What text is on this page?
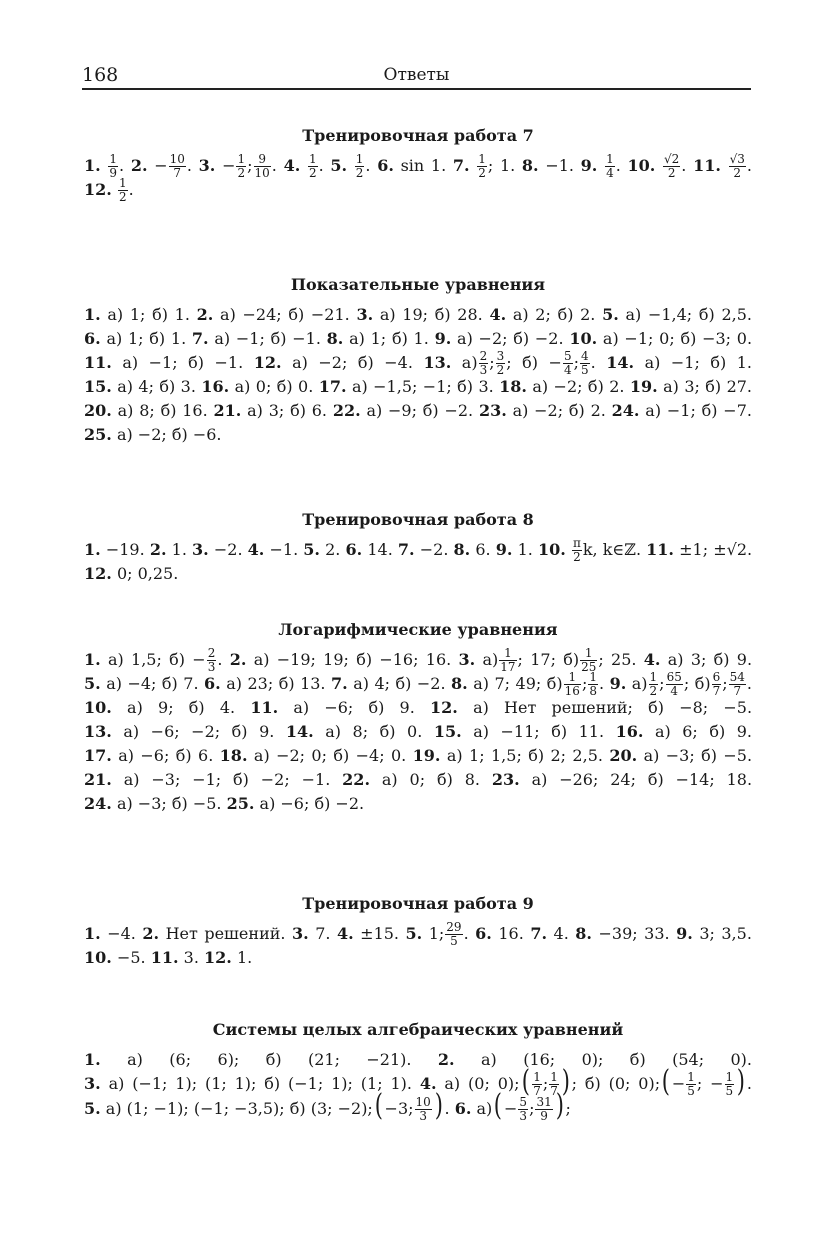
168	Ответы
Тренировочная работа 7

1. $\frac{1}{9}$ . 2. − $\frac{10}{7}$ . 3. − $\frac{1}{2}$ ; $\frac{9}{10}$ . 4. $\frac{1}{2}$ . 5. $\frac{1}{2}$ . 6. sin 1. 7. $\frac{1}{2}$ ; 1. 8. −1. 9. $\frac{1}{4}$ . 10. $\frac{√2}{2}$ . 11. $\frac{√3}{2}$ . 12. $\frac{1}{2}$ .

Показательные уравнения

1. а) 1; б) 1. 2. а) −24; б) −21. 3. а) 19; б) 28. 4. а) 2; б) 2. 5. а) −1,4; б) 2,5. 6. а) 1; б) 1. 7. а) −1; б) −1. 8. а) 1; б) 1. 9. а) −2; б) −2. 10. а) −1; 0; б) −3; 0. 11. а) −1; б) −1. 12. а) −2; б) −4. 13. $а) \frac{2}{3}$ ; $\frac{3}{2}$ ; $б) - \frac{5}{4}$ ; $\frac{4}{5}$ . 14. а) −1; б) 1. 15. а) 4; б) 3. 16. а) 0; б) 0. 17. а) −1,5; −1; б) 3. 18. а) −2; б) 2. 19. а) 3; б) 27. 20. а) 8; б) 16. 21. а) 3; б) 6. 22. а) −9; б) −2. 23. а) −2; б) 2. 24. а) −1; б) −7. 25. а) −2; б) −6.

Тренировочная работа 8

1. −19. 2. 1. 3. −2. 4. −1. 5. 2. 6. 14. 7. −2. 8. 6. 9. 1. 10. $\frac{\pi}{2} k$, k∈ℤ. 11. ±1; ±√2. 12. 0; 0,25.

Логарифмические уравнения

1. а) 1,5; $б) - \frac{2}{3}$ . 2. а) −19; 19; б) −16; 16. 3. $а) \frac{1}{17}$ ; 17; $б) \frac{1}{25}$ ; 25. 4. а) 3; б) 9. 5. а) −4; б) 7. 6. а) 23; б) 13. 7. а) 4; б) −2. 8. а) 7; 49; $б) \frac{1}{16}$ ; $\frac{1}{8}$ . 9. $а) \frac{1}{2}$ ; $\frac{65}{4}$ ; $б) \frac{6}{7}$ ; $\frac{54}{7}$ . 10. а) 9; б) 4. 11. а) −6; б) 9. 12. а) Нет решений; б) −8; −5. 13. а) −6; −2; б) 9. 14. а) 8; б) 0. 15. а) −11; б) 11. 16. а) 6; б) 9. 17. а) −6; б) 6. 18. а) −2; 0; б) −4; 0. 19. а) 1; 1,5; б) 2; 2,5. 20. а) −3; б) −5. 21. а) −3; −1; б) −2; −1. 22. а) 0; б) 8. 23. а) −26; 24; б) −14; 18. 24. а) −3; б) −5. 25. а) −6; б) −2.

Тренировочная работа 9

1. −4. 2. Нет решений. 3. 7. 4. ±15. 5. 1; $\frac{29}{5}$ . 6. 16. 7. 4. 8. −39; 33. 9. 3; 3,5. 10. −5. 11. 3. 12. 1.

Системы целых алгебраических уравнений

1. а) (6; 6); б) (21; −21). 2. а) (16; 0); б) (54; 0). 3. а) (−1; 1); (1; 1); б) (−1; 1); (1; 1). 4. а) (0; 0);( $\frac{1}{7}$ ; $\frac{1}{7}$ ) ; б) (0; 0);( − $\frac{1}{5}$ ; − $\frac{1}{5}$ ) . 5. а) (1; −1); (−1; −3,5); б) (3; −2);( −3; $\frac{10}{3}$ ) . 6. $а)( - \frac{5}{3}$ ; $\frac{31}{9}$ ) ;
